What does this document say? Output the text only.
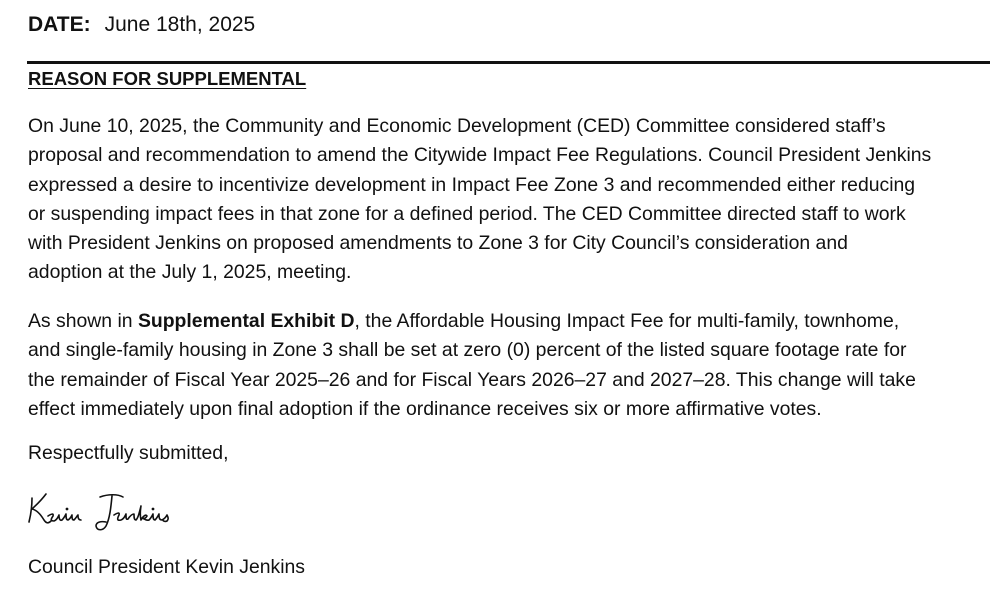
DATE: June 18th, 2025
REASON FOR SUPPLEMENTAL
On June 10, 2025, the Community and Economic Development (CED) Committee considered staff’s
proposal and recommendation to amend the Citywide Impact Fee Regulations. Council President Jenkins
expressed a desire to incentivize development in Impact Fee Zone 3 and recommended either reducing
or suspending impact fees in that zone for a defined period. The CED Committee directed staff to work
with President Jenkins on proposed amendments to Zone 3 for City Council’s consideration and
adoption at the July 1, 2025, meeting.
As shown in Supplemental Exhibit D, the Affordable Housing Impact Fee for multi-family, townhome,
and single-family housing in Zone 3 shall be set at zero (0) percent of the listed square footage rate for
the remainder of Fiscal Year 2025–26 and for Fiscal Years 2026–27 and 2027–28. This change will take
effect immediately upon final adoption if the ordinance receives six or more affirmative votes.
Respectfully submitted,
Council President Kevin Jenkins
